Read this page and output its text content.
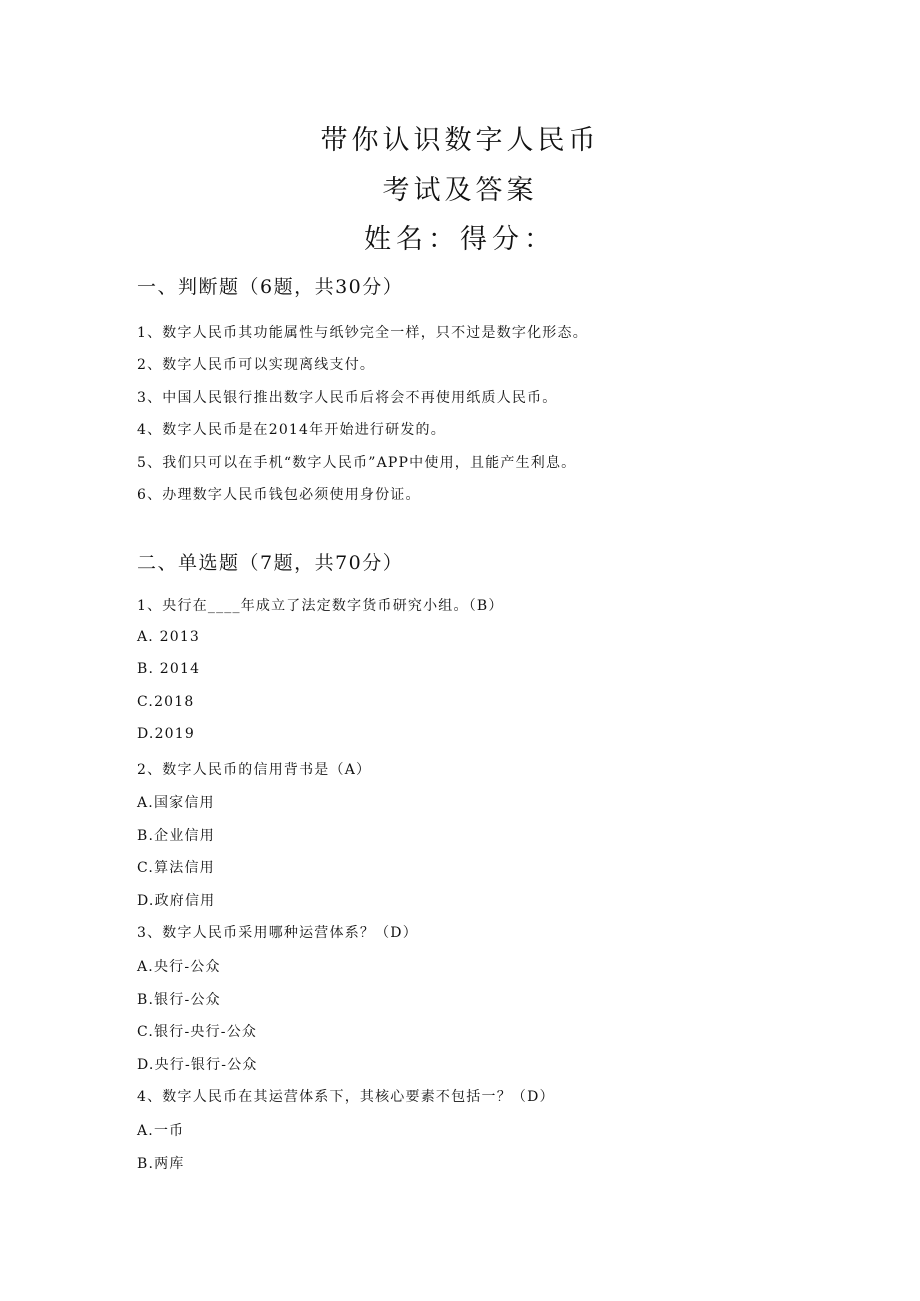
带你认识数字人民币
考试及答案
姓名：得分：
一、判断题（6题，共30分）
1、数字人民币其功能属性与纸钞完全一样，只不过是数字化形态。
2、数字人民币可以实现离线支付。
3、中国人民银行推出数字人民币后将会不再使用纸质人民币。
4、数字人民币是在2014年开始进行研发的。
5、我们只可以在手机“数字人民币”APP中使用，且能产生利息。
6、办理数字人民币钱包必须使用身份证。
二、单选题（7题，共70分）
1、央行在____年成立了法定数字货币研究小组。（B）
A. 2013
B. 2014
C.2018
D.2019
2、数字人民币的信用背书是（A）
A.国家信用
B.企业信用
C.算法信用
D.政府信用
3、数字人民币采用哪种运营体系？（D）
A.央行-公众
B.银行-公众
C.银行-央行-公众
D.央行-银行-公众
4、数字人民币在其运营体系下，其核心要素不包括一？（D）
A.一币
B.两库
